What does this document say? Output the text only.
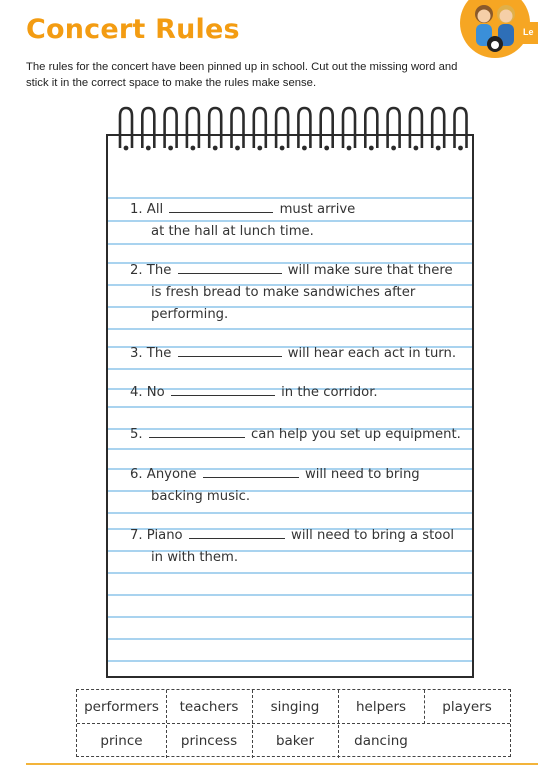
Concert Rules
The rules for the concert have been pinned up in school. Cut out the missing word and stick it in the correct space to make the rules make sense.
Le
1. All	must arrive
at the hall at lunch time.
2. The	will make sure that there
is fresh bread to make sandwiches after
performing.
3. The	will hear each act in turn.
4. No	in the corridor.
5.	can help you set up equipment.
6. Anyone	will need to bring
backing music.
7. Piano	will need to bring a stool
in with them.
performers	teachers	singing	helpers	players
prince	princess	baker	dancing
